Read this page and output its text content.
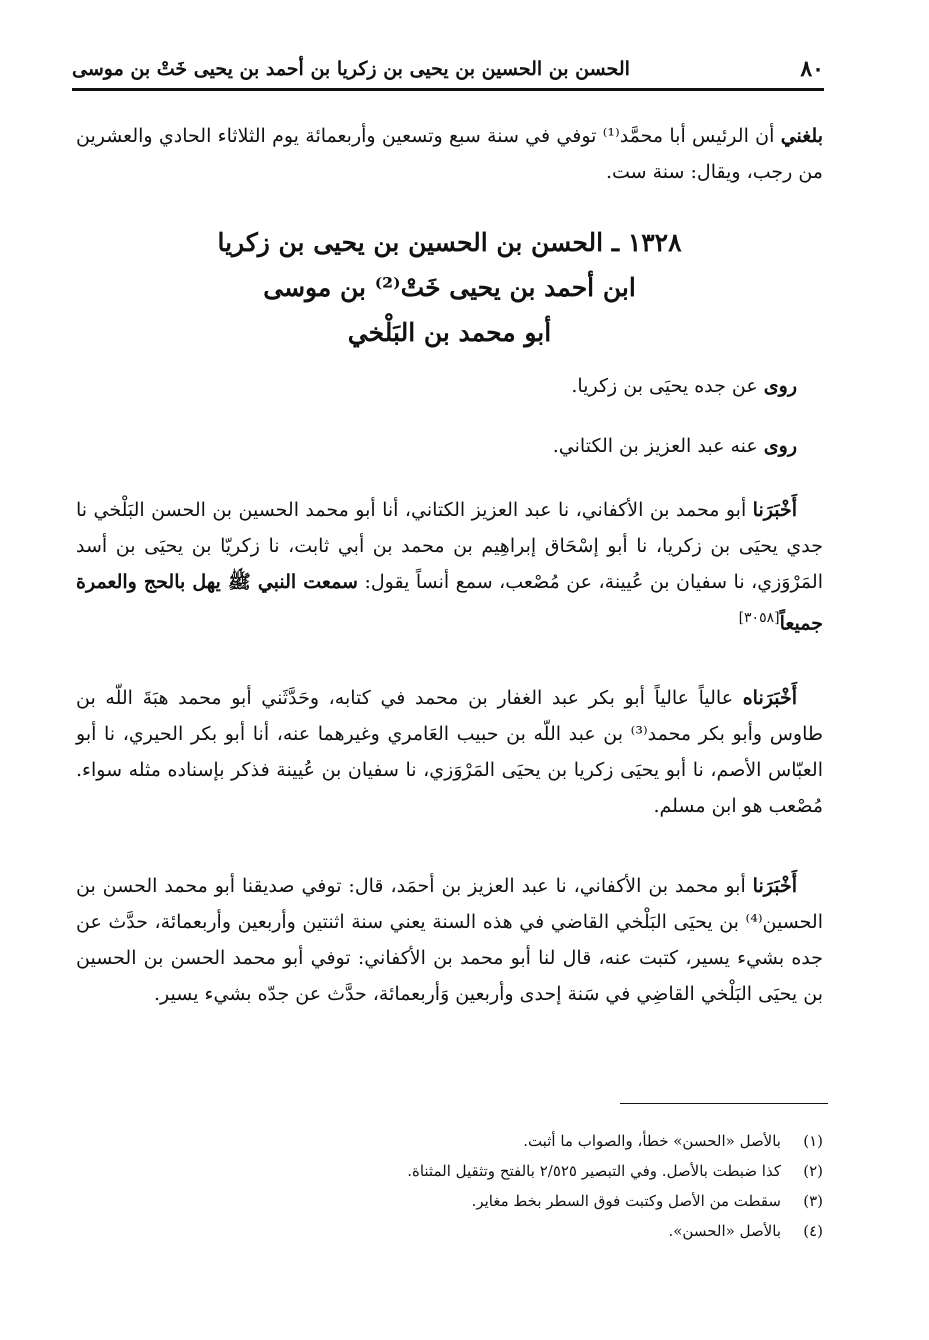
٨٠
الحسن بن الحسين بن يحيى بن زكريا بن أحمد بن يحيى خَتْ بن موسى

بلغني أن الرئيس أبا محمَّد⁽¹⁾ توفي في سنة سبع وتسعين وأربعمائة يوم الثلاثاء الحادي والعشرين من رجب، ويقال: سنة ست.

١٣٢٨ ـ الحسن بن الحسين بن يحيى بن زكريا
ابن أحمد بن يحيى خَتْ⁽²⁾ بن موسى
أبو محمد بن البَلْخي

روى عن جده يحيَى بن زكريا.

روى عنه عبد العزيز بن الكتاني.

أَخْبَرَنا أبو محمد بن الأكفاني، نا عبد العزيز الكتاني، أنا أبو محمد الحسين بن الحسن البَلْخي نا جدي يحيَى بن زكريا، نا أبو إسْحَاق إبراهِيم بن محمد بن أبي ثابت، نا زكريّا بن يحيَى بن أسد المَرْوَزي، نا سفيان بن عُيينة، عن مُصْعب، سمع أنساً يقول: سمعت النبي ﷺ يهل بالحج والعمرة جميعاً[٣٠٥٨]

أَخْبَرَناه عالياً عالياً أبو بكر عبد الغفار بن محمد في كتابه، وحَدَّثَني أبو محمد هبَةَ اللّه بن طاوس وأبو بكر محمد⁽³⁾ بن عبد اللّه بن حبيب العَامري وغيرهما عنه، أنا أبو بكر الحيري، نا أبو العبّاس الأصم، نا أبو يحيَى زكريا بن يحيَى المَرْوَزي، نا سفيان بن عُيينة فذكر بإسناده مثله سواء. مُصْعب هو ابن مسلم.

أَخْبَرَنا أبو محمد بن الأكفاني، نا عبد العزيز بن أحمَد، قال: توفي صديقنا أبو محمد الحسن بن الحسين⁽⁴⁾ بن يحيَى البَلْخي القاضي في هذه السنة يعني سنة اثنتين وأربعين وأربعمائة، حدَّث عن جده بشيء يسير، كتبت عنه، قال لنا أبو محمد بن الأكفاني: توفي أبو محمد الحسن بن الحسين بن يحيَى البَلْخي القاضِي في سَنة إحدى وأربعين وَأربعمائة، حدَّث عن جدّه بشيء يسير.

(١)بالأصل «الحسن» خطأ، والصواب ما أثبت.
(٢)كذا ضبطت بالأصل. وفي التبصير ٢/٥٢٥ بالفتح وتثقيل المثناة.
(٣)سقطت من الأصل وكتبت فوق السطر بخط مغاير.
(٤)بالأصل «الحسن».
